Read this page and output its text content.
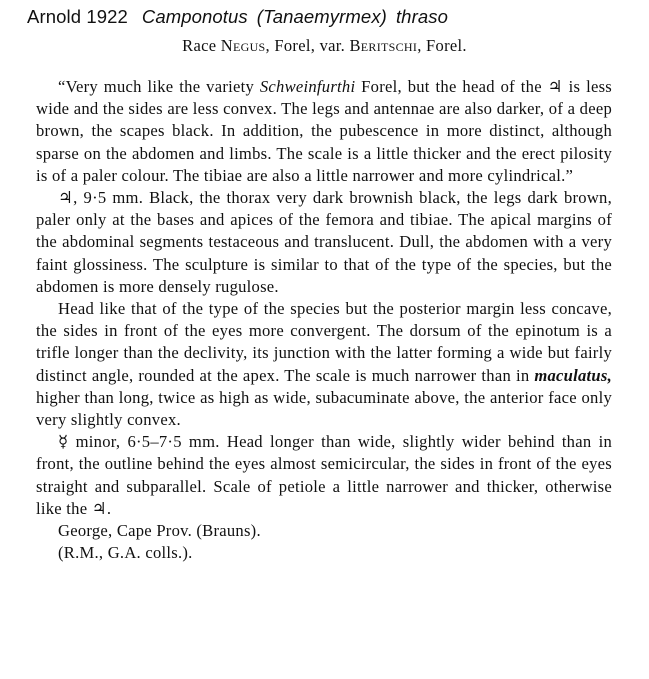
Arnold 1922 Camponotus (Tanaemyrmex) thraso
Race Negus, Forel, var. Beritschi, Forel.

“Very much like the variety Schweinfurthi Forel, but the head of the ♃ is less wide and the sides are less convex. The legs and antennae are also darker, of a deep brown, the scapes black. In addition, the pubescence in more distinct, although sparse on the abdomen and limbs. The scale is a little thicker and the erect pilosity is of a paler colour. The tibiae are also a little narrower and more cylindrical.”

♃, 9·5 mm. Black, the thorax very dark brownish black, the legs dark brown, paler only at the bases and apices of the femora and tibiae. The apical margins of the abdominal segments testaceous and translucent. Dull, the abdomen with a very faint glossiness. The sculpture is similar to that of the type of the species, but the abdomen is more densely rugulose.

Head like that of the type of the species but the posterior margin less concave, the sides in front of the eyes more convergent. The dorsum of the epinotum is a trifle longer than the declivity, its junction with the latter forming a wide but fairly distinct angle, rounded at the apex. The scale is much narrower than in maculatus, higher than long, twice as high as wide, subacuminate above, the anterior face only very slightly convex.

☿ minor, 6·5–7·5 mm. Head longer than wide, slightly wider behind than in front, the outline behind the eyes almost semicircular, the sides in front of the eyes straight and subparallel. Scale of petiole a little narrower and thicker, otherwise like the ♃.

George, Cape Prov. (Brauns).

(R.M., G.A. colls.).
